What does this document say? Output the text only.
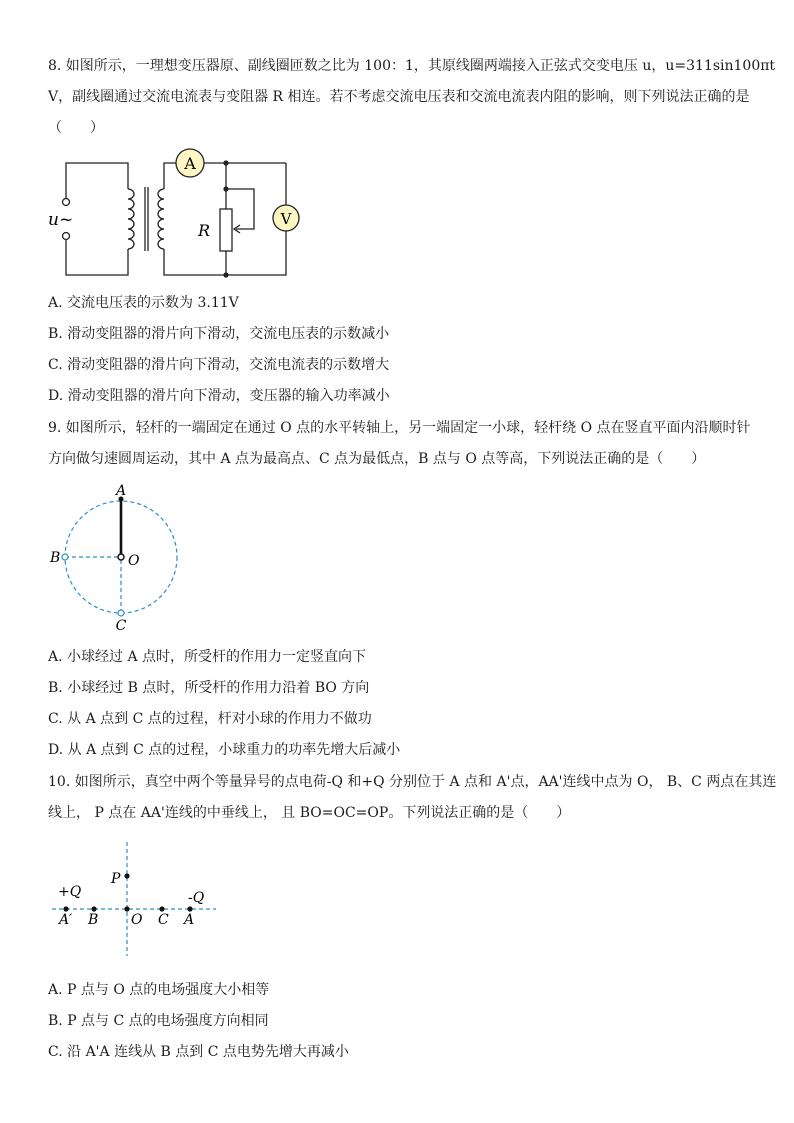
8. 如图所示，一理想变压器原、副线圈匝数之比为 100：1，其原线圈两端接入正弦式交变电压 u，u=311sin100πt
V，副线圈通过交流电流表与变阻器 R 相连。若不考虑交流电压表和交流电流表内阻的影响，则下列说法正确的是
（　　）
A
V
R
u~
A. 交流电压表的示数为 3.11V
B. 滑动变阻器的滑片向下滑动，交流电压表的示数减小
C. 滑动变阻器的滑片向下滑动，交流电流表的示数增大
D. 滑动变阻器的滑片向下滑动，变压器的输入功率减小
9. 如图所示，轻杆的一端固定在通过 O 点的水平转轴上，另一端固定一小球，轻杆绕 O 点在竖直平面内沿顺时针
方向做匀速圆周运动，其中 A 点为最高点、C 点为最低点，B 点与 O 点等高，下列说法正确的是（　　）
A
B	O
C
A. 小球经过 A 点时，所受杆的作用力一定竖直向下
B. 小球经过 B 点时，所受杆的作用力沿着 BO 方向
C. 从 A 点到 C 点的过程，杆对小球的作用力不做功
D. 从 A 点到 C 点的过程，小球重力的功率先增大后减小
10. 如图所示，真空中两个等量异号的点电荷-Q 和+Q 分别位于 A 点和 A'点，AA'连线中点为 O， B、C 两点在其连
线上， P 点在 AA'连线的中垂线上， 且 BO=OC=OP。下列说法正确的是（　　）
+Q	-Q
A′ B O C A
P
A. P 点与 O 点的电场强度大小相等
B. P 点与 C 点的电场强度方向相同
C. 沿 A'A 连线从 B 点到 C 点电势先增大再减小
